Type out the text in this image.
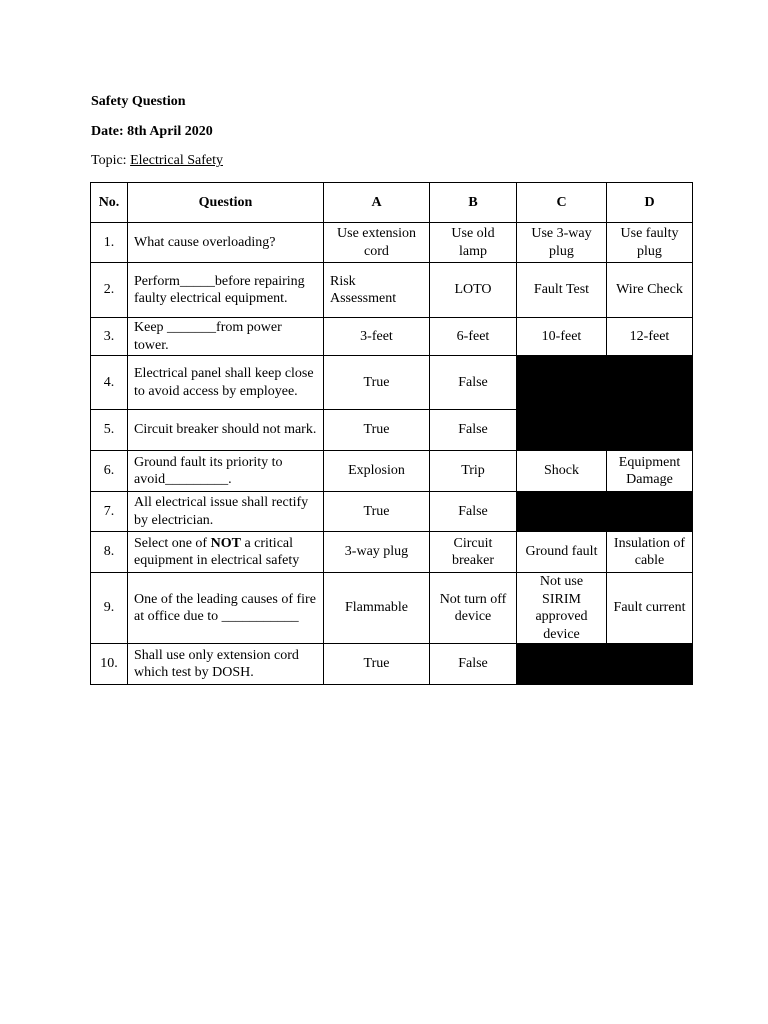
Safety Question
Date: 8th April 2020
Topic: Electrical Safety
No.	Question	A	B	C	D
1.	What cause overloading?	Use extension cord	Use old lamp	Use 3-way plug	Use faulty plug
2.	Perform_____before repairing faulty electrical equipment.	Risk Assessment	LOTO	Fault Test	Wire Check
3.	Keep _______from power tower.	3-feet	6-feet	10-feet	12-feet
4.	Electrical panel shall keep close to avoid access by employee.	True	False		
5.	Circuit breaker should not mark.	True	False		
6.	Ground fault its priority to avoid_________.	Explosion	Trip	Shock	Equipment Damage
7.	All electrical issue shall rectify by electrician.	True	False		
8.	Select one of NOT a critical equipment in electrical safety	3-way plug	Circuit breaker	Ground fault	Insulation of cable
9.	One of the leading causes of fire at office due to ___________	Flammable	Not turn off device	Not use SIRIM approved device	Fault current
10.	Shall use only extension cord which test by DOSH.	True	False		
